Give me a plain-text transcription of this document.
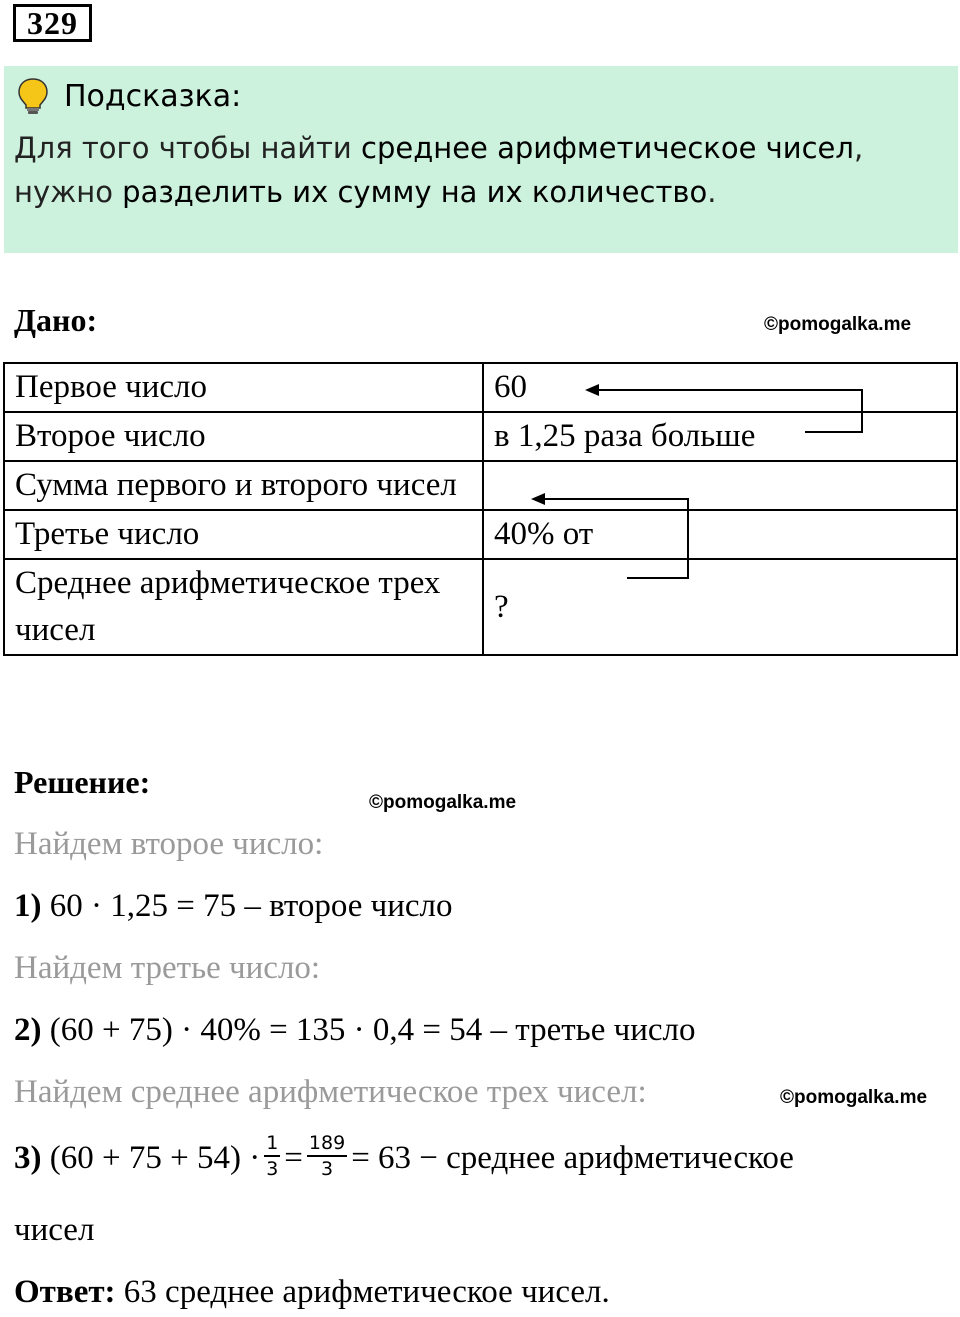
329
Подсказка:
Для того чтобы найти среднее арифметическое чисел, нужно разделить их сумму на их количество.
Дано:	©pomogalka.me
Первое число	60
Второе число	в 1,25 раза больше
Сумма первого и второго чисел	
Третье число	40% от
Среднее арифметическое трех чисел	?
Решение:
©pomogalka.me
Найдем второе число:
1) 60 · 1,25 = 75 – второе число
Найдем третье число:
2) (60 + 75) · 40% = 135 · 0,4 = 54 – третье число
Найдем среднее арифметическое трех чисел:	©pomogalka.me
3) $(60 + 75 + 54) \cdot \frac{1}{3} = \frac{189}{3} = 63$ − среднее арифметическое
чисел
Ответ: 63 среднее арифметическое чисел.
